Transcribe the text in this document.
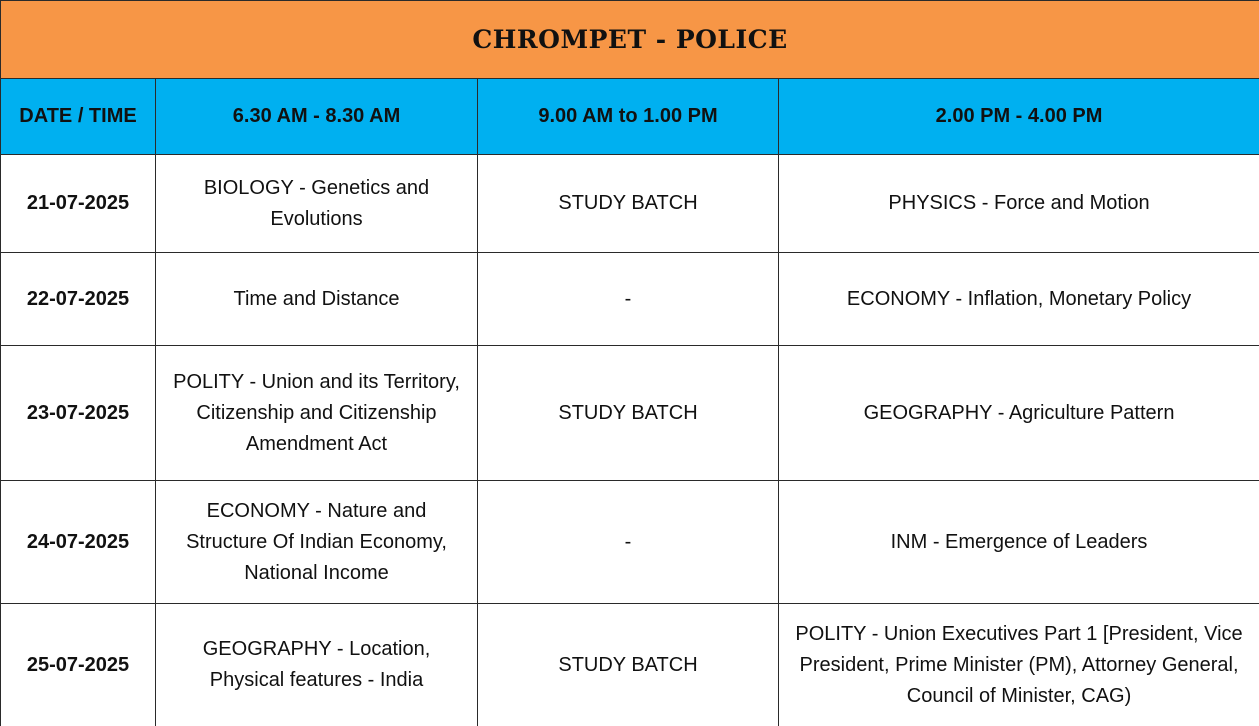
CHROMPET - POLICE			
DATE / TIME	6.30 AM - 8.30 AM	9.00 AM to 1.00 PM	2.00 PM - 4.00 PM
21-07-2025	BIOLOGY - Genetics and Evolutions	STUDY BATCH	PHYSICS - Force and Motion
22-07-2025	Time and Distance	-	ECONOMY - Inflation, Monetary Policy
23-07-2025	POLITY - Union and its Territory, Citizenship and Citizenship Amendment Act	STUDY BATCH	GEOGRAPHY - Agriculture Pattern
24-07-2025	ECONOMY - Nature and Structure Of Indian Economy, National Income	-	INM - Emergence of Leaders
25-07-2025	GEOGRAPHY - Location, Physical features - India	STUDY BATCH	POLITY - Union Executives Part 1 [President, Vice President, Prime Minister (PM), Attorney General, Council of Minister, CAG)
